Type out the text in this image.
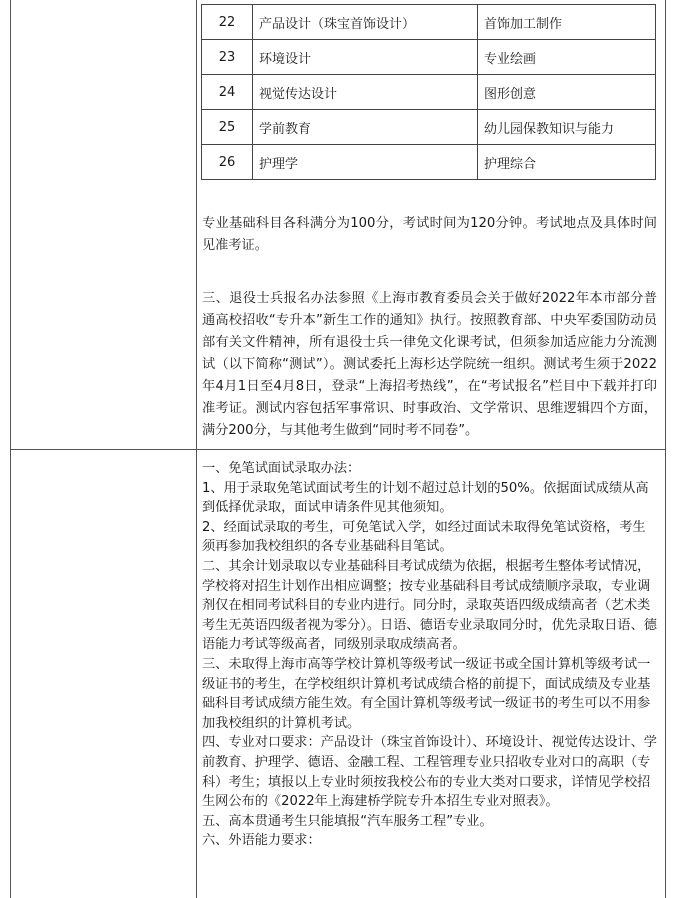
22	产品设计（珠宝首饰设计）	首饰加工制作
23	环境设计	专业绘画
24	视觉传达设计	图形创意
25	学前教育	幼儿园保教知识与能力
26	护理学	护理综合
专业基础科目各科满分为100分，考试时间为120分钟。考试地点及具体时间见准考证。
三、退役士兵报名办法参照《上海市教育委员会关于做好2022年本市部分普通高校招收“专升本”新生工作的通知》执行。按照教育部、中央军委国防动员部有关文件精神，所有退役士兵一律免文化课考试，但须参加适应能力分流测试（以下简称“测试”）。测试委托上海杉达学院统一组织。测试考生须于2022年4月1日至4月8日，登录“上海招考热线”，在“考试报名”栏目中下载并打印准考证。测试内容包括军事常识、时事政治、文学常识、思维逻辑四个方面，满分200分，与其他考生做到“同时考不同卷”。
一、免笔试面试录取办法：
1、用于录取免笔试面试考生的计划不超过总计划的50%。依据面试成绩从高到低择优录取，面试申请条件见其他须知。
2、经面试录取的考生，可免笔试入学，如经过面试未取得免笔试资格，考生须再参加我校组织的各专业基础科目笔试。
二、其余计划录取以专业基础科目考试成绩为依据，根据考生整体考试情况，学校将对招生计划作出相应调整；按专业基础科目考试成绩顺序录取，专业调剂仅在相同考试科目的专业内进行。同分时，录取英语四级成绩高者（艺术类考生无英语四级者视为零分）。日语、德语专业录取同分时，优先录取日语、德语能力考试等级高者，同级别录取成绩高者。
三、未取得上海市高等学校计算机等级考试一级证书或全国计算机等级考试一级证书的考生，在学校组织计算机考试成绩合格的前提下，面试成绩及专业基础科目考试成绩方能生效。有全国计算机等级考试一级证书的考生可以不用参加我校组织的计算机考试。
四、专业对口要求：产品设计（珠宝首饰设计）、环境设计、视觉传达设计、学前教育、护理学、德语、金融工程、工程管理专业只招收专业对口的高职（专科）考生；填报以上专业时须按我校公布的专业大类对口要求，详情见学校招生网公布的《2022年上海建桥学院专升本招生专业对照表》。
五、高本贯通考生只能填报“汽车服务工程”专业。
六、外语能力要求：
